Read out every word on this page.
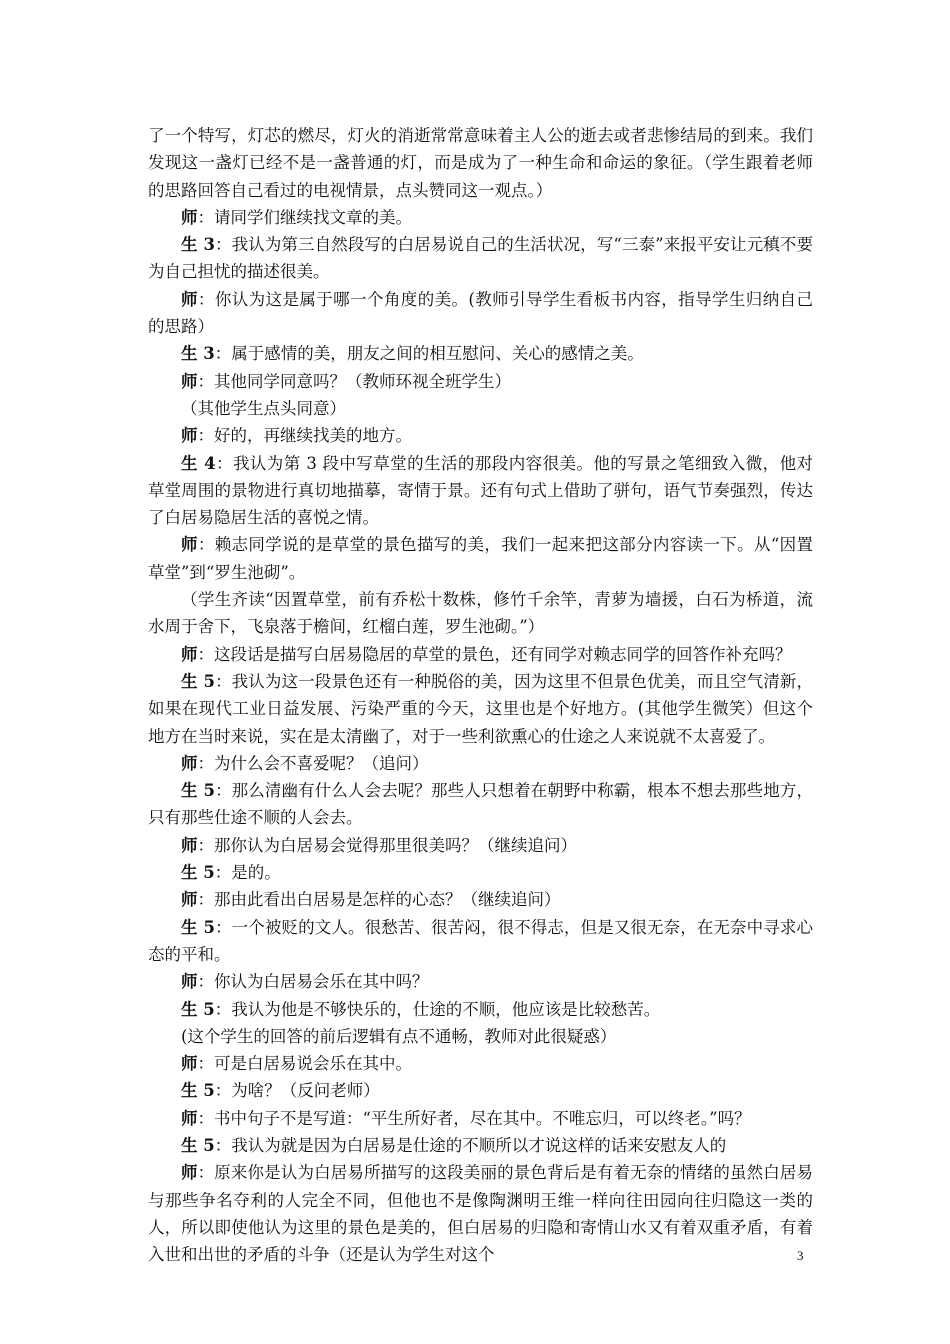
了一个特写，灯芯的燃尽，灯火的消逝常常意味着主人公的逝去或者悲惨结局的到来。我们发现这一盏灯已经不是一盏普通的灯，而是成为了一种生命和命运的象征。（学生跟着老师的思路回答自己看过的电视情景，点头赞同这一观点。）

师：请同学们继续找文章的美。

生 3：我认为第三自然段写的白居易说自己的生活状况，写“三泰”来报平安让元稹不要为自己担忧的描述很美。

师：你认为这是属于哪一个角度的美。(教师引导学生看板书内容，指导学生归纳自己的思路）

生 3：属于感情的美，朋友之间的相互慰问、关心的感情之美。

师：其他同学同意吗？（教师环视全班学生）

（其他学生点头同意）

师：好的，再继续找美的地方。

生 4：我认为第 3 段中写草堂的生活的那段内容很美。他的写景之笔细致入微，他对草堂周围的景物进行真切地描摹，寄情于景。还有句式上借助了骈句，语气节奏强烈，传达了白居易隐居生活的喜悦之情。

师：赖志同学说的是草堂的景色描写的美，我们一起来把这部分内容读一下。从“因置草堂”到“罗生池砌”。

（学生齐读“因置草堂，前有乔松十数株，修竹千余竿，青萝为墙援，白石为桥道，流水周于舍下，飞泉落于檐间，红榴白莲，罗生池砌。”）

师：这段话是描写白居易隐居的草堂的景色，还有同学对赖志同学的回答作补充吗？

生 5：我认为这一段景色还有一种脱俗的美，因为这里不但景色优美，而且空气清新，如果在现代工业日益发展、污染严重的今天，这里也是个好地方。(其他学生微笑）但这个地方在当时来说，实在是太清幽了，对于一些利欲熏心的仕途之人来说就不太喜爱了。

师：为什么会不喜爱呢？（追问）

生 5：那么清幽有什么人会去呢？那些人只想着在朝野中称霸，根本不想去那些地方，只有那些仕途不顺的人会去。

师：那你认为白居易会觉得那里很美吗？（继续追问）

生 5：是的。

师：那由此看出白居易是怎样的心态？（继续追问）

生 5：一个被贬的文人。很愁苦、很苦闷，很不得志，但是又很无奈，在无奈中寻求心态的平和。

师：你认为白居易会乐在其中吗？

生 5：我认为他是不够快乐的，仕途的不顺，他应该是比较愁苦。

(这个学生的回答的前后逻辑有点不通畅，教师对此很疑惑）

师：可是白居易说会乐在其中。

生 5：为啥？（反问老师）

师：书中句子不是写道：“平生所好者，尽在其中。不唯忘归，可以终老。”吗？

生 5：我认为就是因为白居易是仕途的不顺所以才说这样的话来安慰友人的

师：原来你是认为白居易所描写的这段美丽的景色背后是有着无奈的情绪的虽然白居易与那些争名夺利的人完全不同，但他也不是像陶渊明王维一样向往田园向往归隐这一类的人，所以即使他认为这里的景色是美的，但白居易的归隐和寄情山水又有着双重矛盾，有着入世和出世的矛盾的斗争（还是认为学生对这个	3
